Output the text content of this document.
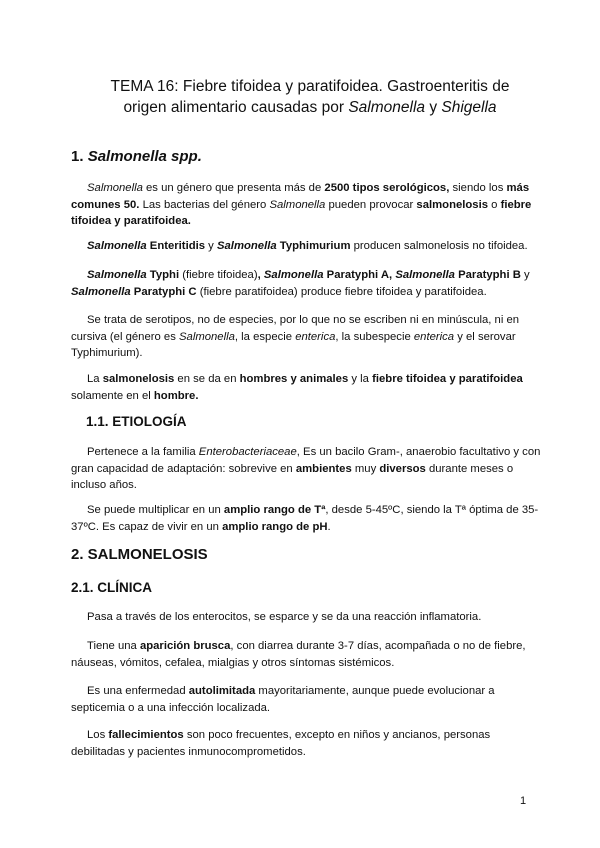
TEMA 16: Fiebre tifoidea y paratifoidea. Gastroenteritis de
origen alimentario causadas por Salmonella y Shigella
1. Salmonella spp.

Salmonella es un género que presenta más de 2500 tipos serológicos, siendo los más comunes 50. Las bacterias del género Salmonella pueden provocar salmonelosis o fiebre tifoidea y paratifoidea.

Salmonella Enteritidis y Salmonella Typhimurium producen salmonelosis no tifoidea.

Salmonella Typhi (fiebre tifoidea), Salmonella Paratyphi A, Salmonella Paratyphi B y Salmonella Paratyphi C (fiebre paratifoidea) produce fiebre tifoidea y paratifoidea.

Se trata de serotipos, no de especies, por lo que no se escriben ni en minúscula, ni en cursiva (el género es Salmonella, la especie enterica, la subespecie enterica y el serovar Typhimurium).

La salmonelosis en se da en hombres y animales y la fiebre tifoidea y paratifoidea solamente en el hombre.

1.1. ETIOLOGÍA

Pertenece a la familia Enterobacteriaceae, Es un bacilo Gram-, anaerobio facultativo y con gran capacidad de adaptación: sobrevive en ambientes muy diversos durante meses o incluso años.

Se puede multiplicar en un amplio rango de Tª, desde 5-45ºC, siendo la Tª óptima de 35-37ºC. Es capaz de vivir en un amplio rango de pH.

2. SALMONELOSIS
2.1. CLÍNICA

Pasa a través de los enterocitos, se esparce y se da una reacción inflamatoria.

Tiene una aparición brusca, con diarrea durante 3-7 días, acompañada o no de fiebre, náuseas, vómitos, cefalea, mialgias y otros síntomas sistémicos.

Es una enfermedad autolimitada mayoritariamente, aunque puede evolucionar a septicemia o a una infección localizada.

Los fallecimientos son poco frecuentes, excepto en niños y ancianos, personas debilitadas y pacientes inmunocomprometidos.

1
